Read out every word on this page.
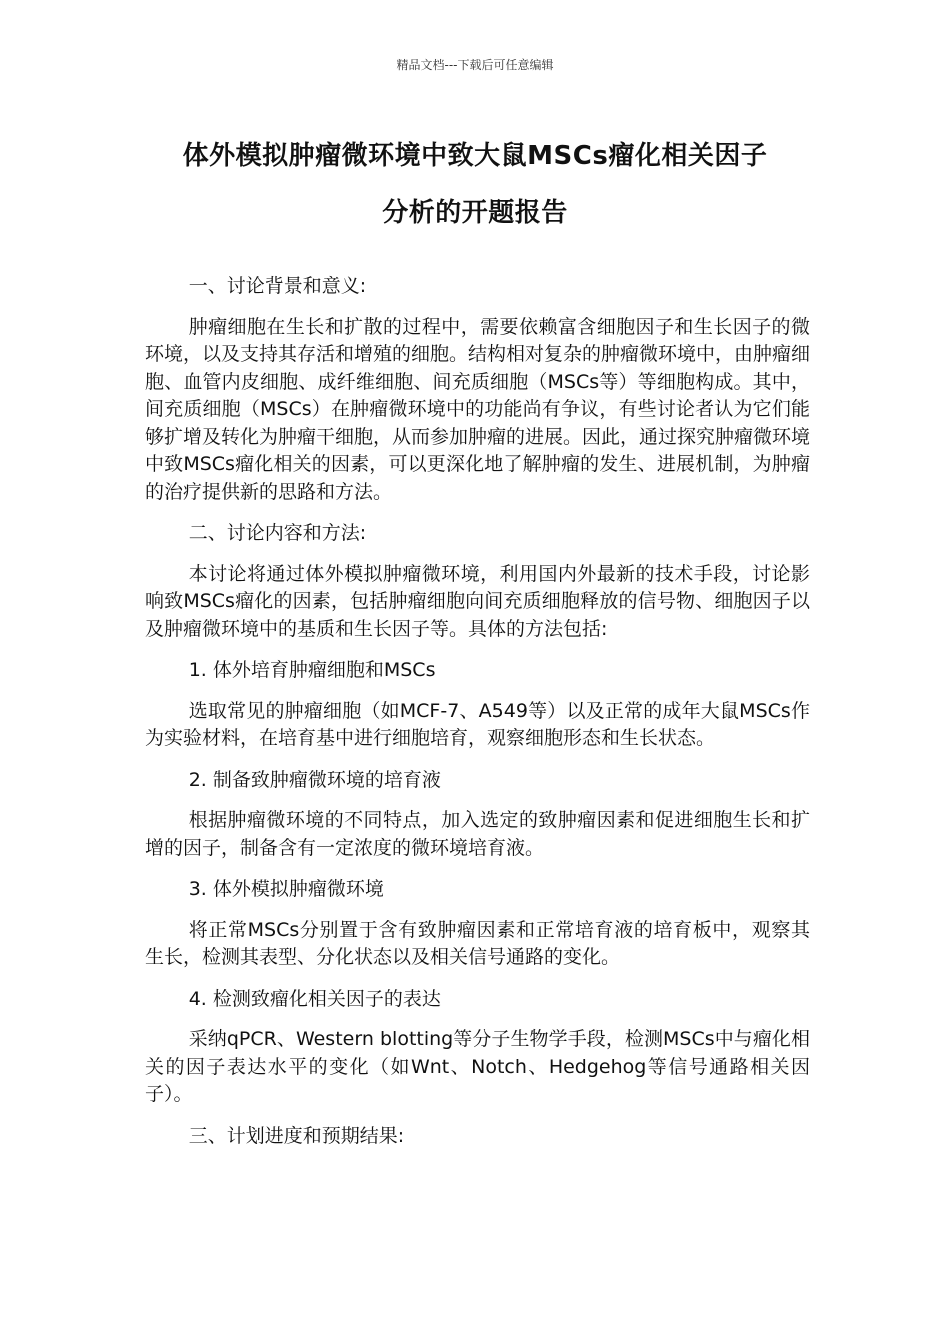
精品文档---下载后可任意编辑
体外模拟肿瘤微环境中致大鼠MSCs瘤化相关因子
分析的开题报告

一、讨论背景和意义:

肿瘤细胞在生长和扩散的过程中，需要依赖富含细胞因子和生长因子的微环境，以及支持其存活和增殖的细胞。结构相对复杂的肿瘤微环境中，由肿瘤细胞、血管内皮细胞、成纤维细胞、间充质细胞（MSCs等）等细胞构成。其中，间充质细胞（MSCs）在肿瘤微环境中的功能尚有争议，有些讨论者认为它们能够扩增及转化为肿瘤干细胞，从而参加肿瘤的进展。因此，通过探究肿瘤微环境中致MSCs瘤化相关的因素，可以更深化地了解肿瘤的发生、进展机制，为肿瘤的治疗提供新的思路和方法。

二、讨论内容和方法:

本讨论将通过体外模拟肿瘤微环境，利用国内外最新的技术手段，讨论影响致MSCs瘤化的因素，包括肿瘤细胞向间充质细胞释放的信号物、细胞因子以及肿瘤微环境中的基质和生长因子等。具体的方法包括:

1. 体外培育肿瘤细胞和MSCs

选取常见的肿瘤细胞（如MCF-7、A549等）以及正常的成年大鼠MSCs作为实验材料，在培育基中进行细胞培育，观察细胞形态和生长状态。

2. 制备致肿瘤微环境的培育液

根据肿瘤微环境的不同特点，加入选定的致肿瘤因素和促进细胞生长和扩增的因子，制备含有一定浓度的微环境培育液。

3. 体外模拟肿瘤微环境

将正常MSCs分别置于含有致肿瘤因素和正常培育液的培育板中，观察其生长，检测其表型、分化状态以及相关信号通路的变化。

4. 检测致瘤化相关因子的表达

采纳qPCR、Western blotting等分子生物学手段，检测MSCs中与瘤化相关的因子表达水平的变化（如Wnt、Notch、Hedgehog等信号通路相关因子）。

三、计划进度和预期结果:
